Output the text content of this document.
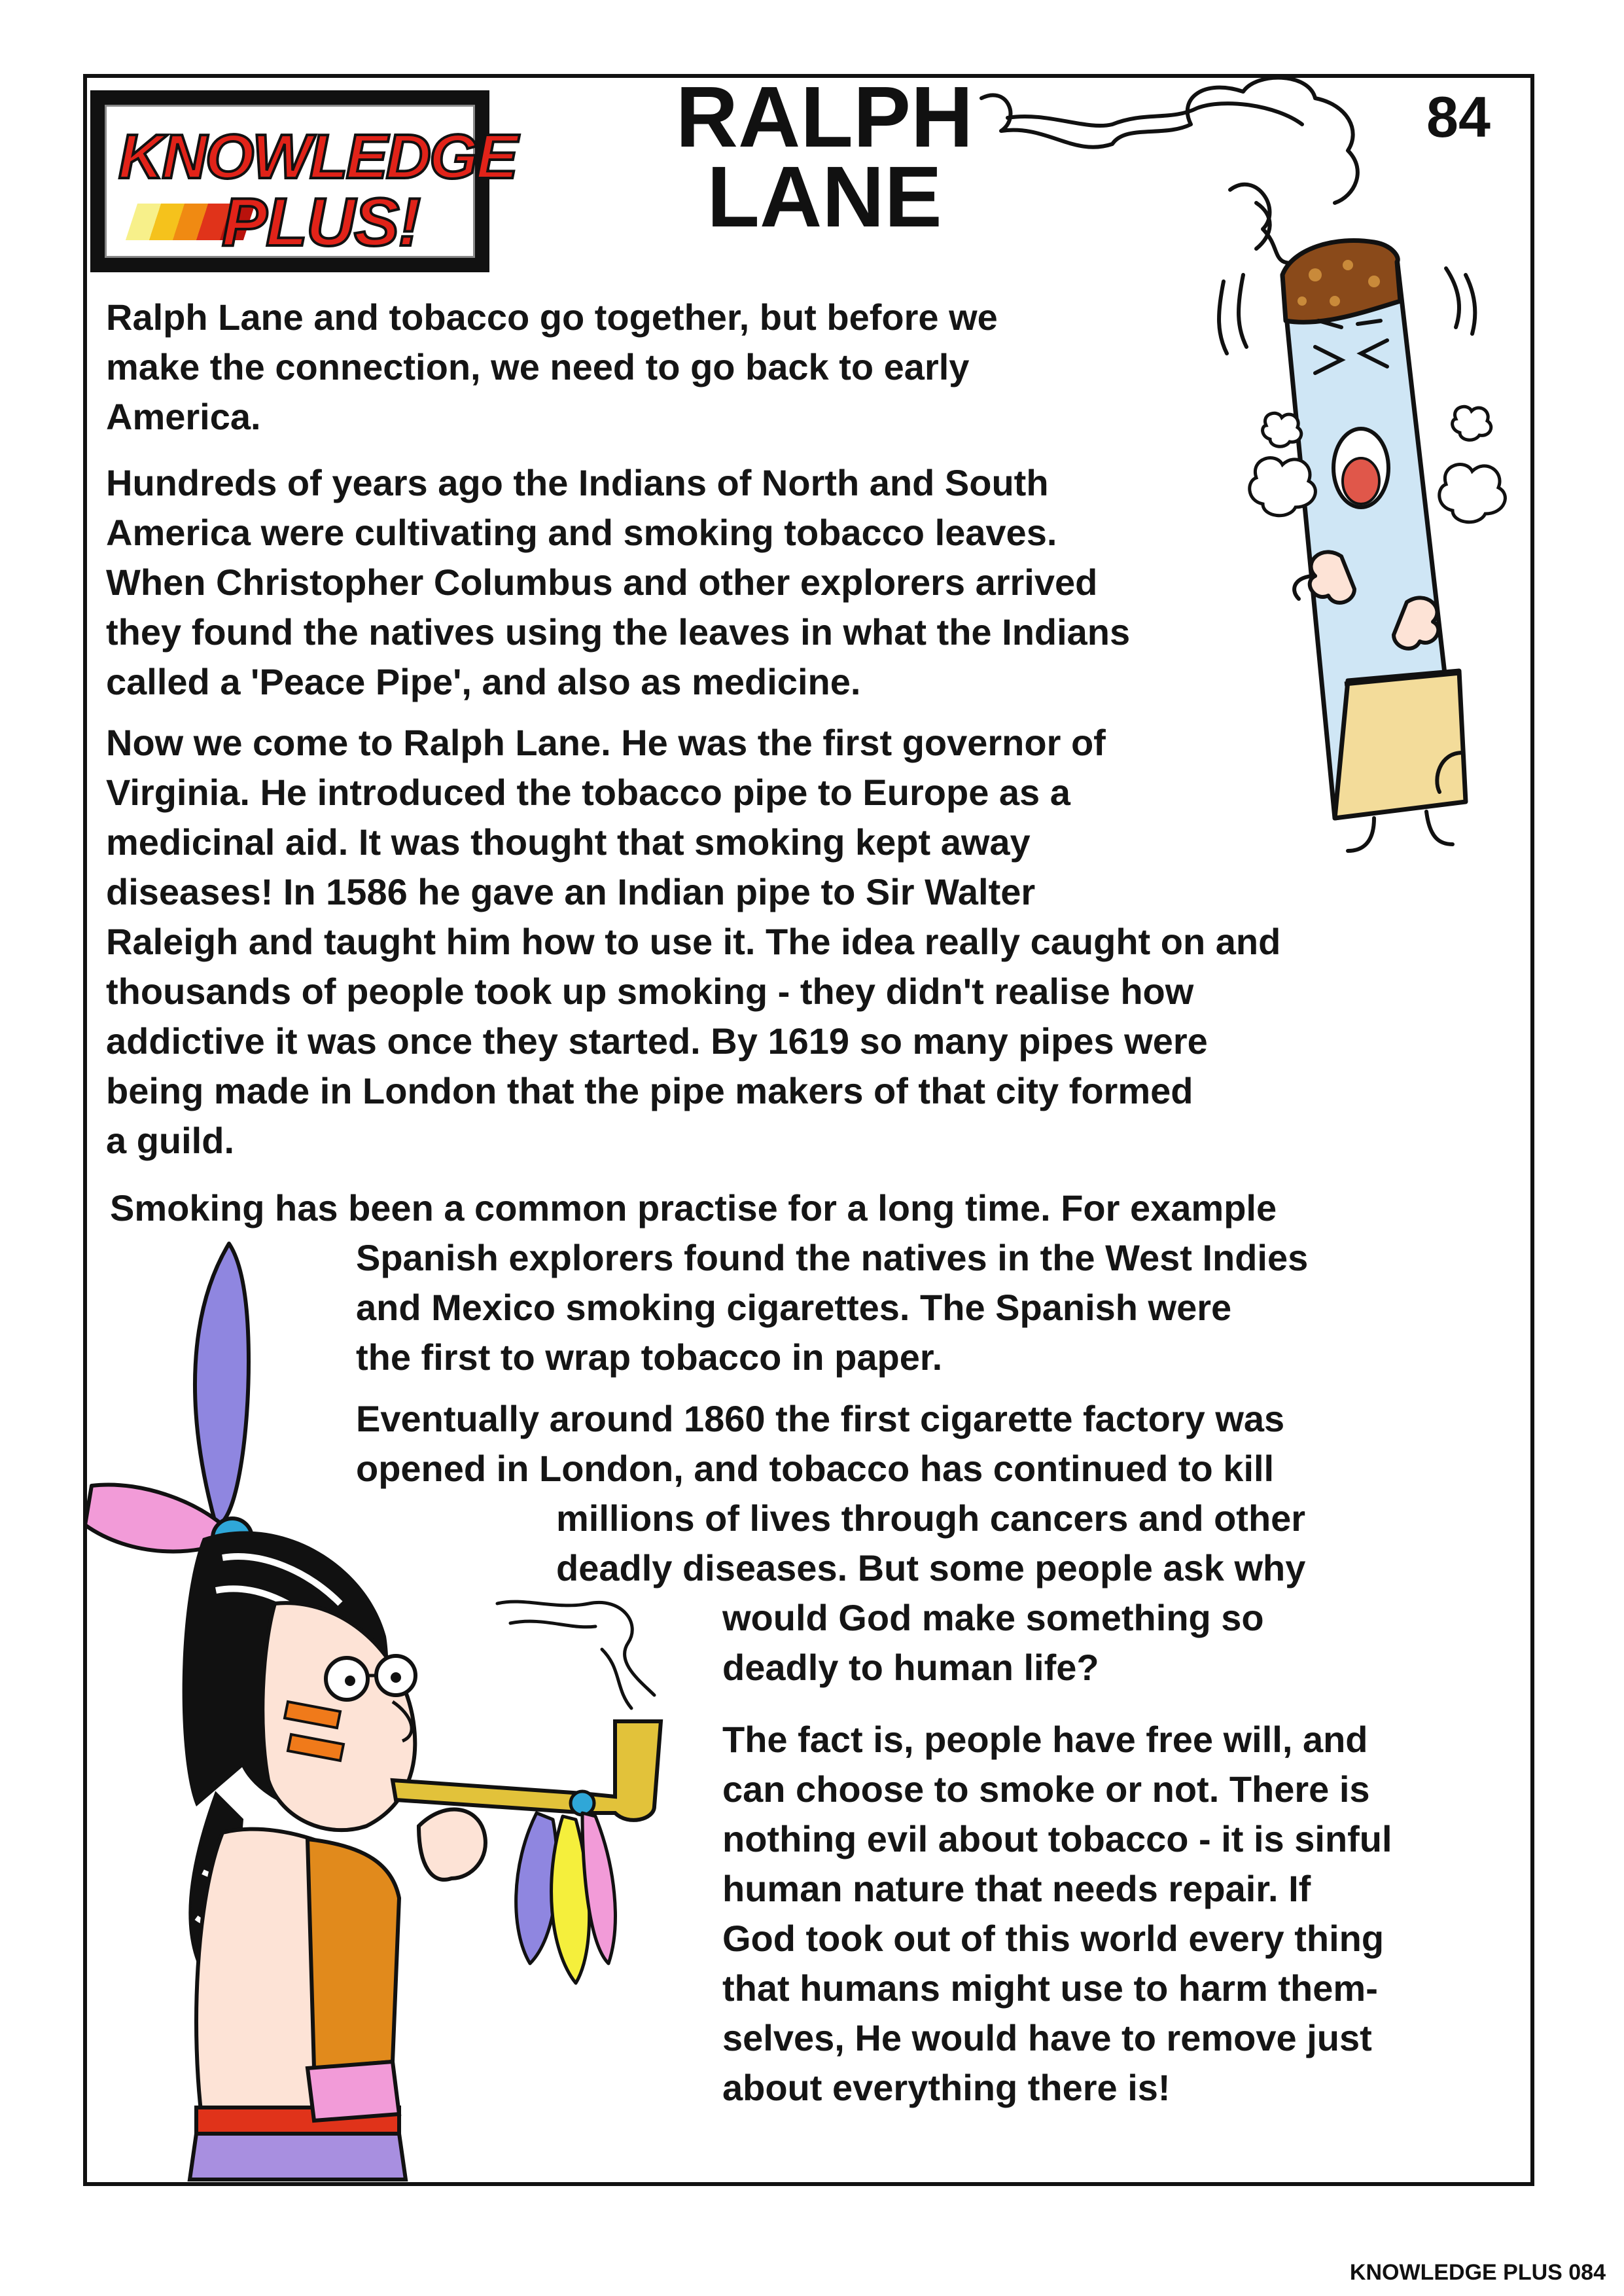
KNOWLEDGE
PLUS!
RALPH
LANE
84

Ralph Lane and tobacco go together, but before we
make the connection, we need to go back to early
America.

Hundreds of years ago the Indians of North and South
America were cultivating and smoking tobacco leaves.
When Christopher Columbus and other explorers arrived
they found the natives using the leaves in what the Indians
called a 'Peace Pipe', and also as medicine.

Now we come to Ralph Lane. He was the first governor of
Virginia. He introduced the tobacco pipe to Europe as a
medicinal aid. It was thought that smoking kept away
diseases! In 1586 he gave an Indian pipe to Sir Walter
Raleigh and taught him how to use it. The idea really caught on and
thousands of people took up smoking - they didn't realise how
addictive it was once they started. By 1619 so many pipes were
being made in London that the pipe makers of that city formed
a guild.

Smoking has been a common practise for a long time. For example
Spanish explorers found the natives in the West Indies
and Mexico smoking cigarettes. The Spanish were
the first to wrap tobacco in paper.

Eventually around 1860 the first cigarette factory was
opened in London, and tobacco has continued to kill
millions of lives through cancers and other
deadly diseases. But some people ask why
would God make something so
deadly to human life?

The fact is, people have free will, and
can choose to smoke or not. There is
nothing evil about tobacco - it is sinful
human nature that needs repair. If
God took out of this world every thing
that humans might use to harm them-
selves, He would have to remove just
about everything there is!

KNOWLEDGE PLUS 084
